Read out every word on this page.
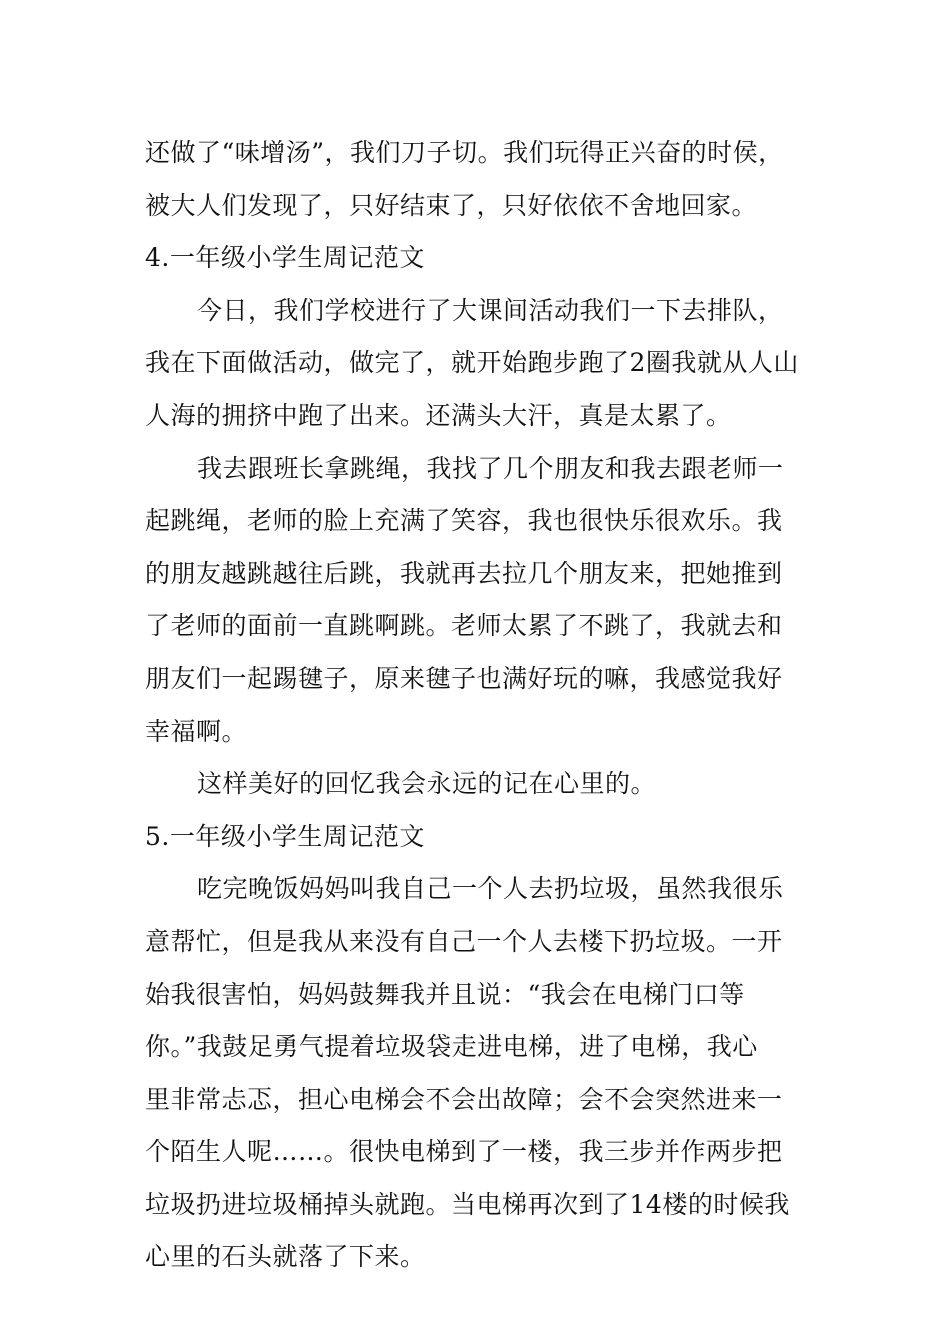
还做了“味增汤”，我们刀子切。我们玩得正兴奋的时侯，
被大人们发现了，只好结束了，只好依依不舍地回家。
4.一年级小学生周记范文
今日，我们学校进行了大课间活动我们一下去排队，
我在下面做活动，做完了，就开始跑步跑了2圈我就从人山
人海的拥挤中跑了出来。还满头大汗，真是太累了。
我去跟班长拿跳绳，我找了几个朋友和我去跟老师一
起跳绳，老师的脸上充满了笑容，我也很快乐很欢乐。我
的朋友越跳越往后跳，我就再去拉几个朋友来，把她推到
了老师的面前一直跳啊跳。老师太累了不跳了，我就去和
朋友们一起踢毽子，原来毽子也满好玩的嘛，我感觉我好
幸福啊。
这样美好的回忆我会永远的记在心里的。
5.一年级小学生周记范文
吃完晚饭妈妈叫我自己一个人去扔垃圾，虽然我很乐
意帮忙，但是我从来没有自己一个人去楼下扔垃圾。一开
始我很害怕，妈妈鼓舞我并且说：“我会在电梯门口等
你。”我鼓足勇气提着垃圾袋走进电梯，进了电梯，我心
里非常忐忑，担心电梯会不会出故障；会不会突然进来一
个陌生人呢……。很快电梯到了一楼，我三步并作两步把
垃圾扔进垃圾桶掉头就跑。当电梯再次到了14楼的时候我
心里的石头就落了下来。
